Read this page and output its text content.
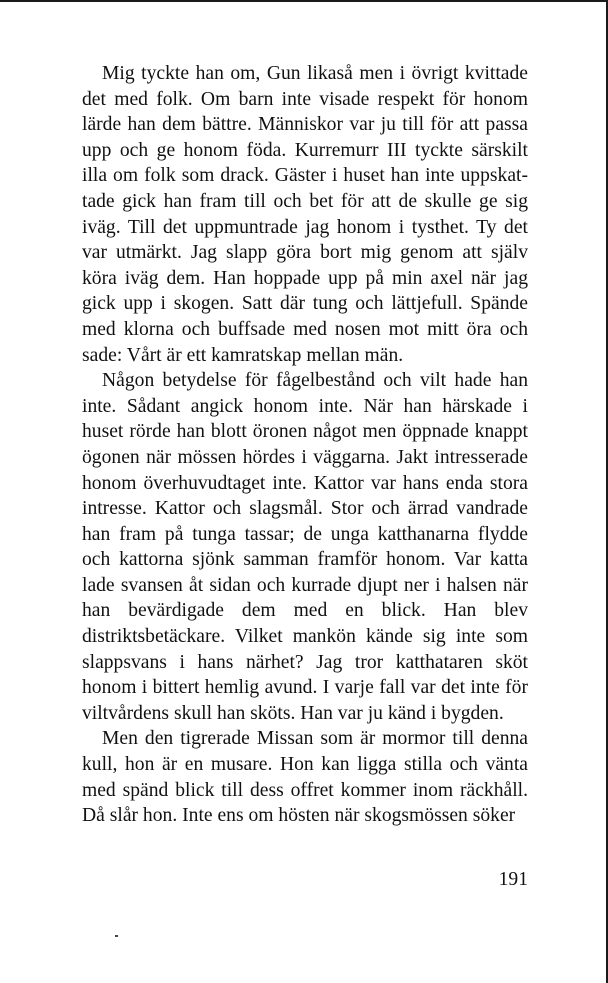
Mig tyckte han om, Gun likaså men i övrigt kvittade det med folk. Om barn inte visade respekt för honom lärde han dem bättre. Människor var ju till för att passa upp och ge honom föda. Kurremurr III tyckte särskilt illa om folk som drack. Gäster i huset han inte uppskattade gick han fram till och bet för att de skulle ge sig iväg. Till det uppmuntrade jag honom i tysthet. Ty det var utmärkt. Jag slapp göra bort mig genom att själv köra iväg dem. Han hoppade upp på min axel när jag gick upp i skogen. Satt där tung och lättjefull. Spände med klorna och buffsade med nosen mot mitt öra och sade: Vårt är ett kamratskap mellan män.

Någon betydelse för fågelbestånd och vilt hade han inte. Sådant angick honom inte. När han härskade i huset rörde han blott öronen något men öppnade knappt ögonen när mössen hördes i väggarna. Jakt intresserade honom överhuvudtaget inte. Kattor var hans enda stora intresse. Kattor och slagsmål. Stor och ärrad vandrade han fram på tunga tassar; de unga katthanarna flydde och kattorna sjönk samman framför honom. Var katta lade svansen åt sidan och kurrade djupt ner i halsen när han bevärdigade dem med en blick. Han blev distriktsbetäckare. Vilket mankön kände sig inte som slappsvans i hans närhet? Jag tror katthataren sköt honom i bittert hemlig avund. I varje fall var det inte för viltvårdens skull han sköts. Han var ju känd i bygden.

Men den tigrerade Missan som är mormor till denna kull, hon är en musare. Hon kan ligga stilla och vänta med spänd blick till dess offret kommer inom räckhåll. Då slår hon. Inte ens om hösten när skogsmössen söker

191
